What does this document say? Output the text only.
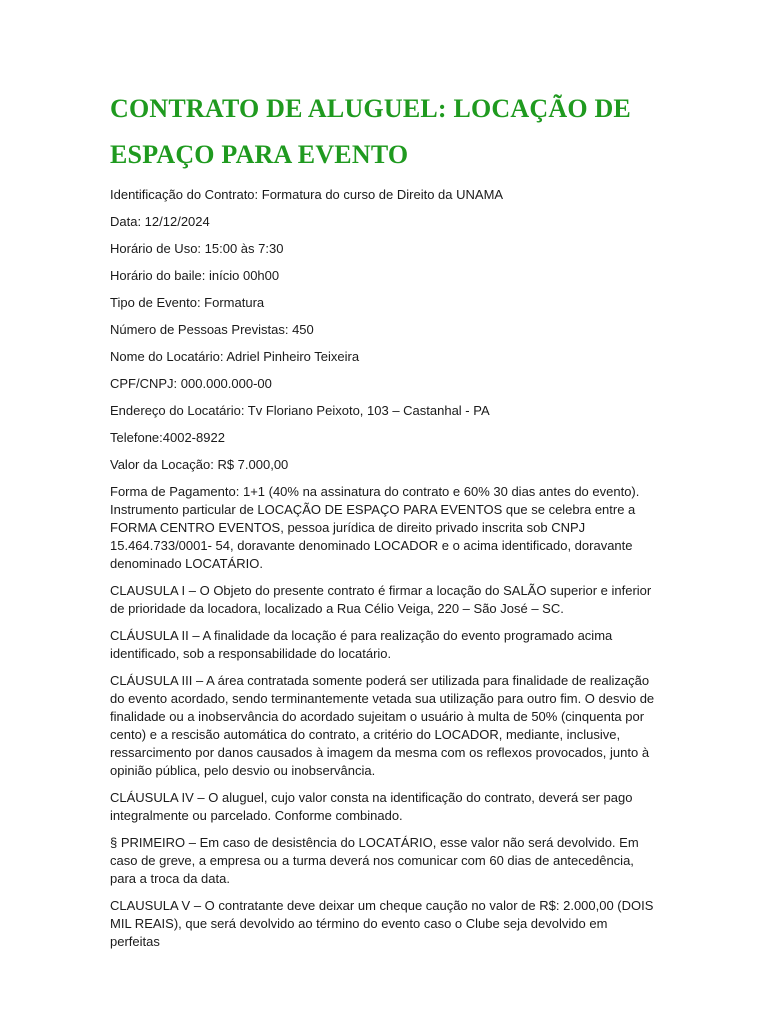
CONTRATO DE ALUGUEL: LOCAÇÃO DE ESPAÇO PARA EVENTO

Identificação do Contrato: Formatura do curso de Direito da UNAMA

Data: 12/12/2024

Horário de Uso: 15:00 às 7:30

Horário do baile: início 00h00

Tipo de Evento: Formatura

Número de Pessoas Previstas: 450

Nome do Locatário: Adriel Pinheiro Teixeira

CPF/CNPJ: 000.000.000-00

Endereço do Locatário: Tv Floriano Peixoto, 103 – Castanhal - PA

Telefone:4002-8922

Valor da Locação: R$ 7.000,00

Forma de Pagamento: 1+1 (40% na assinatura do contrato e 60% 30 dias antes do evento). Instrumento particular de LOCAÇÃO DE ESPAÇO PARA EVENTOS que se celebra entre a FORMA CENTRO EVENTOS, pessoa jurídica de direito privado inscrita sob CNPJ 15.464.733/0001- 54, doravante denominado LOCADOR e o acima identificado, doravante denominado LOCATÁRIO.

CLAUSULA I – O Objeto do presente contrato é firmar a locação do SALÃO superior e inferior de prioridade da locadora, localizado a Rua Célio Veiga, 220 – São José – SC.

CLÁUSULA II – A finalidade da locação é para realização do evento programado acima identificado, sob a responsabilidade do locatário.

CLÁUSULA III – A área contratada somente poderá ser utilizada para finalidade de realização do evento acordado, sendo terminantemente vetada sua utilização para outro fim. O desvio de finalidade ou a inobservância do acordado sujeitam o usuário à multa de 50% (cinquenta por cento) e a rescisão automática do contrato, a critério do LOCADOR, mediante, inclusive, ressarcimento por danos causados à imagem da mesma com os reflexos provocados, junto à opinião pública, pelo desvio ou inobservância.

CLÁUSULA IV – O aluguel, cujo valor consta na identificação do contrato, deverá ser pago integralmente ou parcelado. Conforme combinado.

§ PRIMEIRO – Em caso de desistência do LOCATÁRIO, esse valor não será devolvido. Em caso de greve, a empresa ou a turma deverá nos comunicar com 60 dias de antecedência, para a troca da data.

CLAUSULA V – O contratante deve deixar um cheque caução no valor de R$: 2.000,00 (DOIS MIL REAIS), que será devolvido ao término do evento caso o Clube seja devolvido em perfeitas
